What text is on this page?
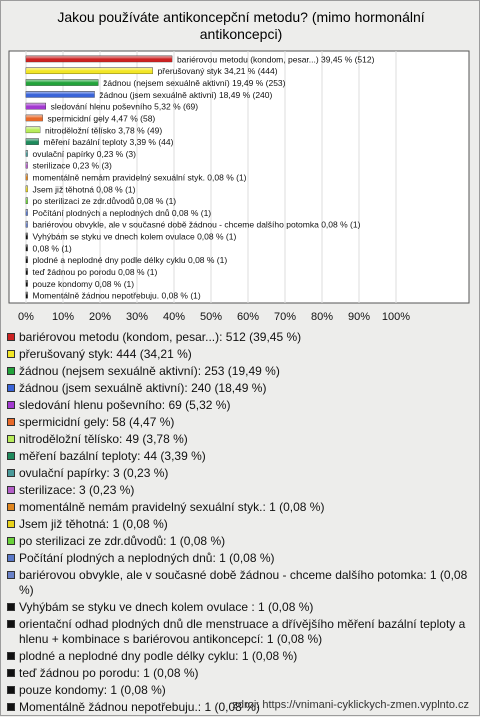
Jakou používáte antikoncepční metodu? (mimo hormonální antikoncepci)
0% 10% 20% 30% 40% 50% 60% 70% 80% 90% 100%
bariérovou metodu (kondom, pesar...) 39,45 % (512)
přerušovaný styk 34,21 % (444)
žádnou (nejsem sexuálně aktivní) 19,49 % (253)
žádnou (jsem sexuálně aktivní) 18,49 % (240)
sledování hlenu poševního 5,32 % (69)
spermicidní gely 4,47 % (58)
nitroděložní tělísko 3,78 % (49)
měření bazální teploty 3,39 % (44)
ovulační papírky 0,23 % (3)
sterilizace 0,23 % (3)
momentálně nemám pravidelný sexuální styk. 0,08 % (1)
Jsem již těhotná 0,08 % (1)
po sterilizaci ze zdr.důvodů 0,08 % (1)
Počítání plodných a neplodných dnů 0,08 % (1)
bariérovou obvykle, ale v současné době žádnou - chceme dalšího potomka 0,08 % (1)
Vyhýbám se styku ve dnech kolem ovulace 0,08 % (1)
0,08 % (1)
plodné a neplodné dny podle délky cyklu 0,08 % (1)
teď žádnou po porodu 0,08 % (1)
pouze kondomy 0,08 % (1)
Momentálně žádnou nepotřebuju. 0,08 % (1)
bariérovou metodu (kondom, pesar...): 512 (39,45 %)
přerušovaný styk: 444 (34,21 %)
žádnou (nejsem sexuálně aktivní): 253 (19,49 %)
žádnou (jsem sexuálně aktivní): 240 (18,49 %)
sledování hlenu poševního: 69 (5,32 %)
spermicidní gely: 58 (4,47 %)
nitroděložní tělísko: 49 (3,78 %)
měření bazální teploty: 44 (3,39 %)
ovulační papírky: 3 (0,23 %)
sterilizace: 3 (0,23 %)
momentálně nemám pravidelný sexuální styk.: 1 (0,08 %)
Jsem již těhotná: 1 (0,08 %)
po sterilizaci ze zdr.důvodů: 1 (0,08 %)
Počítání plodných a neplodných dnů: 1 (0,08 %)
bariérovou obvykle, ale v současné době žádnou - chceme dalšího potomka: 1 (0,08 %)
Vyhýbám se styku ve dnech kolem ovulace : 1 (0,08 %)
orientační odhad plodných dnů dle menstruace a dřívějšího měření bazální teploty a hlenu + kombinace s bariérovou antikoncepcí: 1 (0,08 %)
plodné a neplodné dny podle délky cyklu: 1 (0,08 %)
teď žádnou po porodu: 1 (0,08 %)
pouze kondomy: 1 (0,08 %)
Momentálně žádnou nepotřebuju.: 1 (0,08 %)
zdroj: https://vnimani-cyklickych-zmen.vyplnto.cz
